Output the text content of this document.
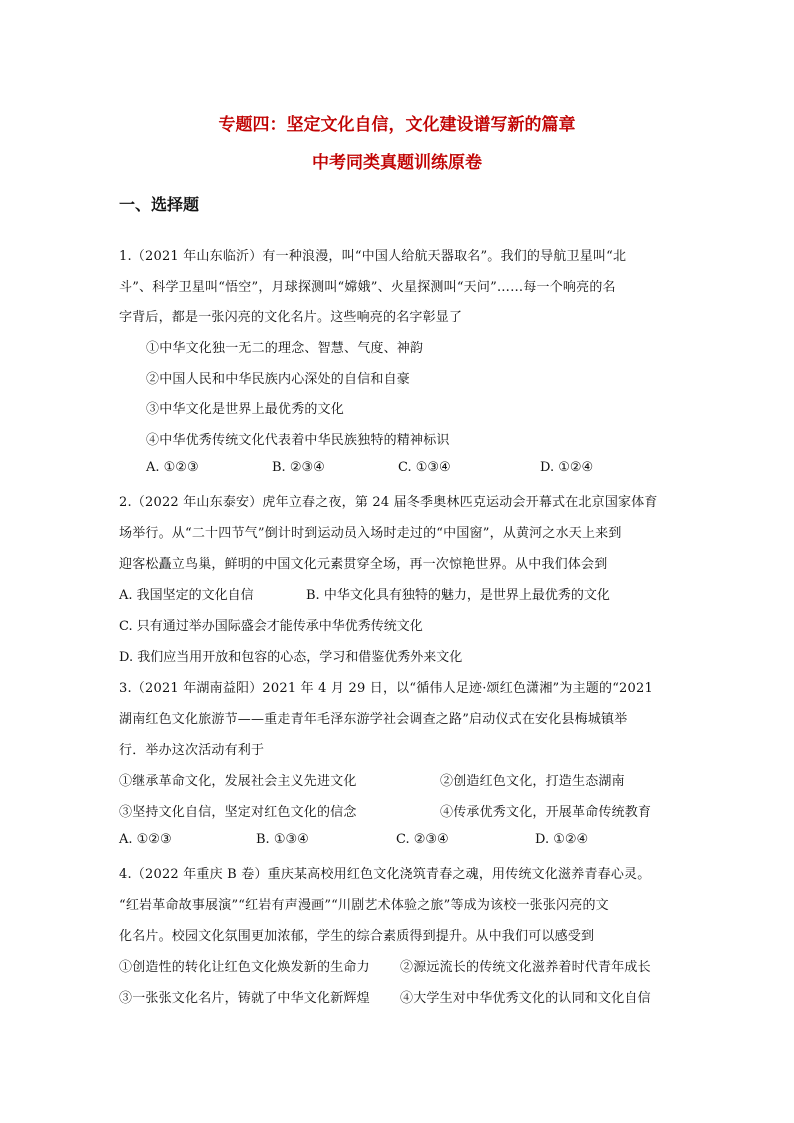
专题四：坚定文化自信，文化建设谱写新的篇章
中考同类真题训练原卷
一、选择题
1.（2021 年山东临沂）有一种浪漫，叫“中国人给航天器取名”。我们的导航卫星叫“北
斗”、科学卫星叫“悟空”，月球探测叫“嫦娥”、火星探测叫“天问”……每一个响亮的名
字背后，都是一张闪亮的文化名片。这些响亮的名字彰显了
①中华文化独一无二的理念、智慧、气度、神韵
②中国人民和中华民族内心深处的自信和自豪
③中华文化是世界上最优秀的文化
④中华优秀传统文化代表着中华民族独特的精神标识
A. ①②③	B. ②③④	C. ①③④	D. ①②④
2.（2022 年山东泰安）虎年立春之夜，第 24 届冬季奥林匹克运动会开幕式在北京国家体育
场举行。从“二十四节气”倒计时到运动员入场时走过的“中国窗”，从黄河之水天上来到
迎客松矗立鸟巢，鲜明的中国文化元素贯穿全场，再一次惊艳世界。从中我们体会到
A. 我国坚定的文化自信	B. 中华文化具有独特的魅力，是世界上最优秀的文化
C. 只有通过举办国际盛会才能传承中华优秀传统文化
D. 我们应当用开放和包容的心态，学习和借鉴优秀外来文化
3.（2021 年湖南益阳）2021 年 4 月 29 日，以“循伟人足迹·颂红色潇湘”为主题的“2021
湖南红色文化旅游节——重走青年毛泽东游学社会调查之路”启动仪式在安化县梅城镇举
行．举办这次活动有利于
①继承革命文化，发展社会主义先进文化	②创造红色文化，打造生态湖南
③坚持文化自信，坚定对红色文化的信念	④传承优秀文化，开展革命传统教育
A. ①②③	B. ①③④	C. ②③④	D. ①②④
4.（2022 年重庆 B 卷）重庆某高校用红色文化浇筑青春之魂，用传统文化滋养青春心灵。
“红岩革命故事展演”“红岩有声漫画”“川剧艺术体验之旅”等成为该校一张张闪亮的文
化名片。校园文化氛围更加浓郁，学生的综合素质得到提升。从中我们可以感受到
①创造性的转化让红色文化焕发新的生命力 ②源远流长的传统文化滋养着时代青年成长
③一张张文化名片，铸就了中华文化新辉煌 ④大学生对中华优秀文化的认同和文化自信
